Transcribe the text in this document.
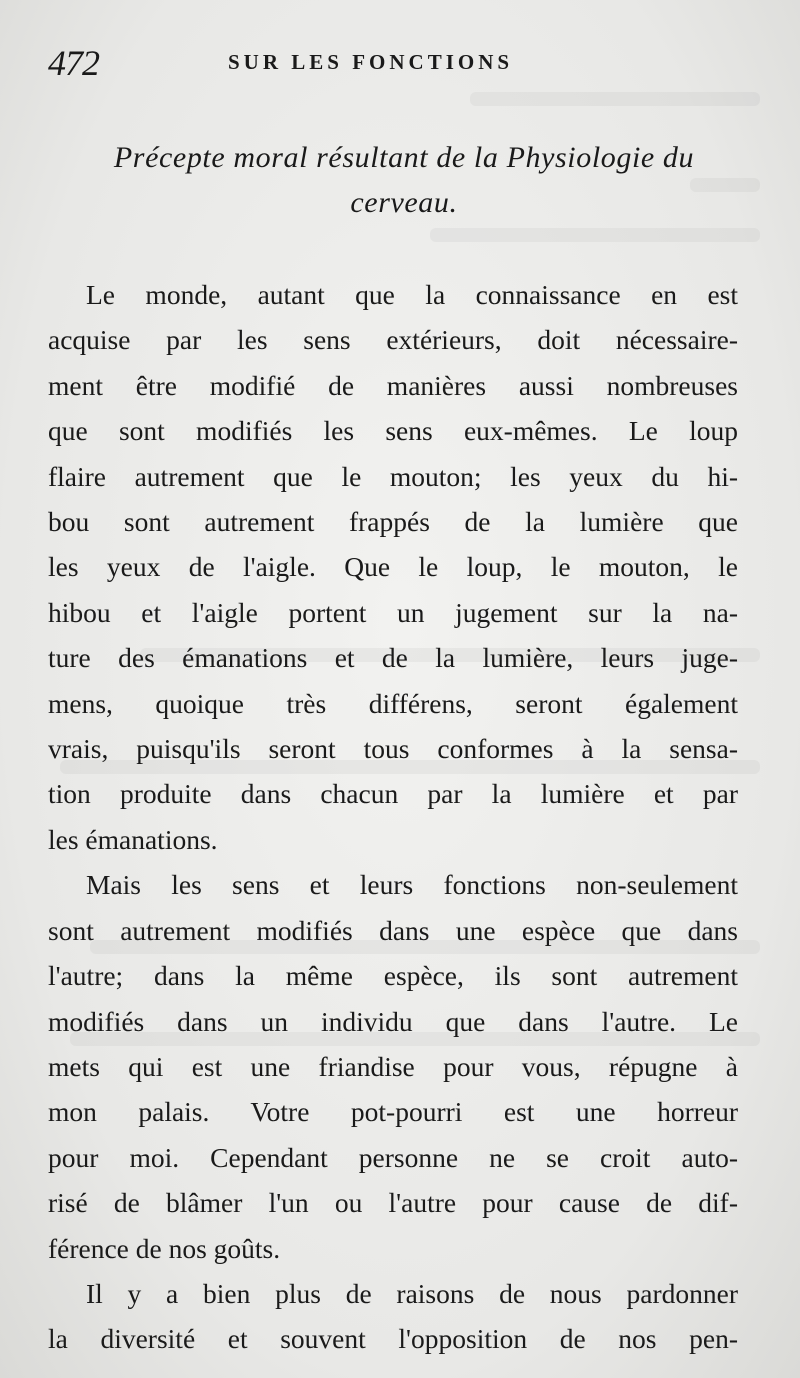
472	SUR LES FONCTIONS
Précepte moral résultant de la Physiologie du
cerveau.
Le monde, autant que la connaissance en est
acquise par les sens extérieurs, doit nécessaire-
ment être modifié de manières aussi nombreuses
que sont modifiés les sens eux-mêmes. Le loup
flaire autrement que le mouton; les yeux du hi-
bou sont autrement frappés de la lumière que
les yeux de l'aigle. Que le loup, le mouton, le
hibou et l'aigle portent un jugement sur la na-
ture des émanations et de la lumière, leurs juge-
mens, quoique très différens, seront également
vrais, puisqu'ils seront tous conformes à la sensa-
tion produite dans chacun par la lumière et par
les émanations.
Mais les sens et leurs fonctions non-seulement
sont autrement modifiés dans une espèce que dans
l'autre; dans la même espèce, ils sont autrement
modifiés dans un individu que dans l'autre. Le
mets qui est une friandise pour vous, répugne à
mon palais. Votre pot-pourri est une horreur
pour moi. Cependant personne ne se croit auto-
risé de blâmer l'un ou l'autre pour cause de dif-
férence de nos goûts.
Il y a bien plus de raisons de nous pardonner
la diversité et souvent l'opposition de nos pen-
